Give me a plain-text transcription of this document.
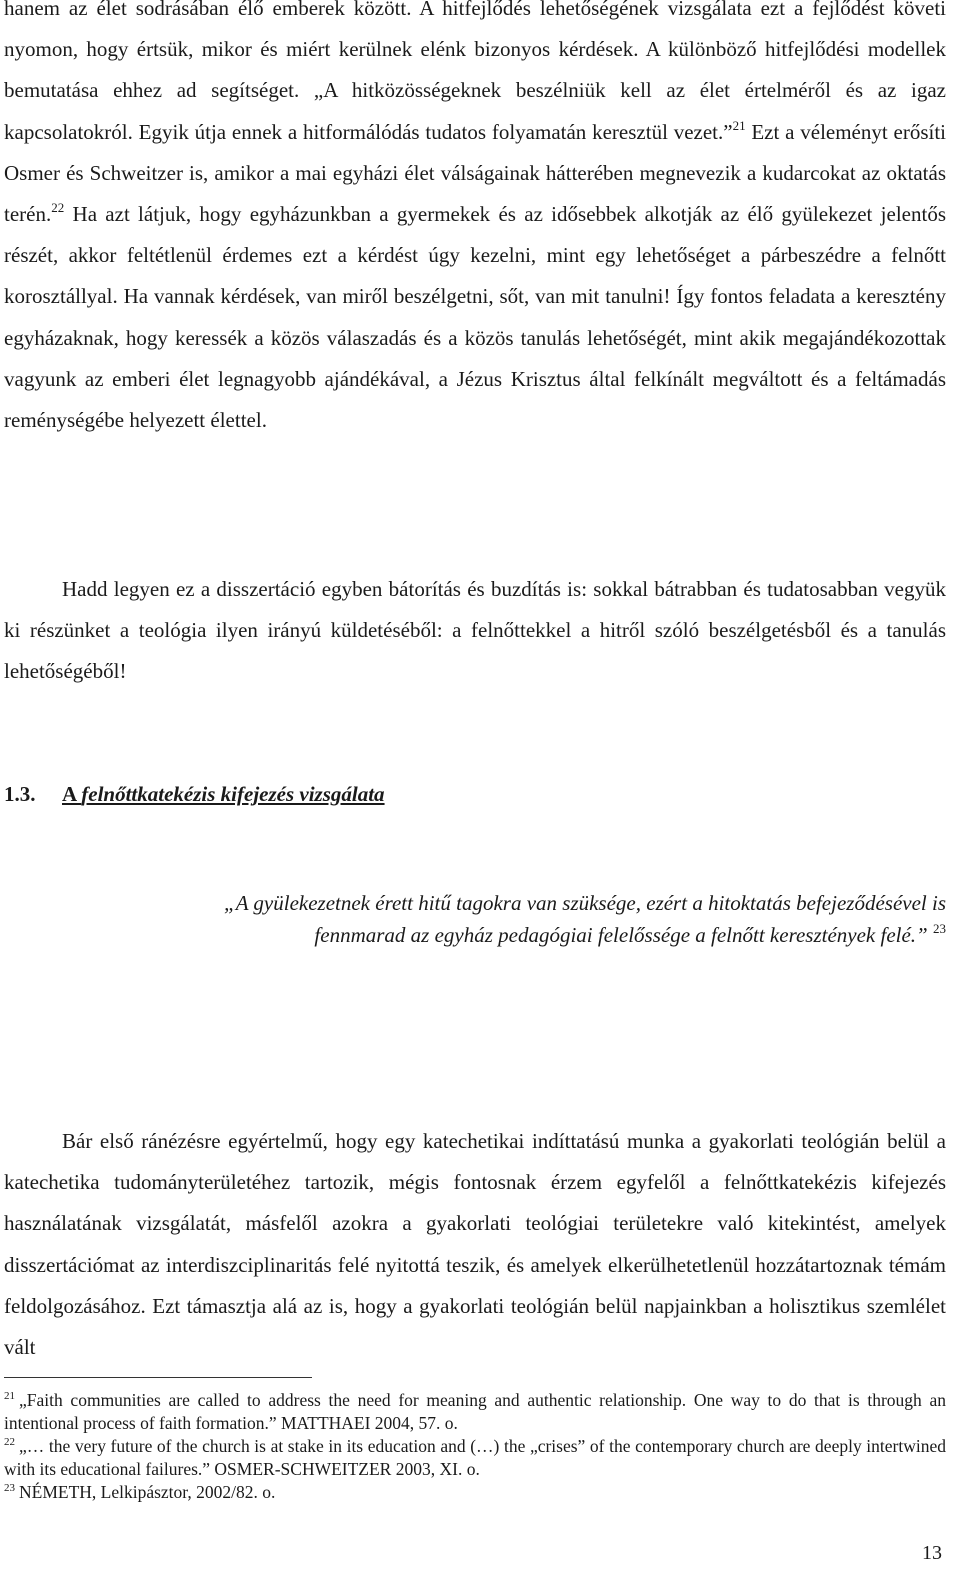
hanem az élet sodrásában élő emberek között. A hitfejlődés lehetőségének vizsgálata ezt a fejlődést követi nyomon, hogy értsük, mikor és miért kerülnek elénk bizonyos kérdések. A különböző hitfejlődési modellek bemutatása ehhez ad segítséget. „A hitközösségeknek beszélniük kell az élet értelméről és az igaz kapcsolatokról. Egyik útja ennek a hitformálódás tudatos folyamatán keresztül vezet.”$^{21}$ Ezt a véleményt erősíti Osmer és Schweitzer is, amikor a mai egyházi élet válságainak hátterében megnevezik a kudarcokat az oktatás terén.$^{22}$ Ha azt látjuk, hogy egyházunkban a gyermekek és az idősebbek alkotják az élő gyülekezet jelentős részét, akkor feltétlenül érdemes ezt a kérdést úgy kezelni, mint egy lehetőséget a párbeszédre a felnőtt korosztállyal. Ha vannak kérdések, van miről beszélgetni, sőt, van mit tanulni! Így fontos feladata a keresztény egyházaknak, hogy keressék a közös válaszadás és a közös tanulás lehetőségét, mint akik megajándékozottak vagyunk az emberi élet legnagyobb ajándékával, a Jézus Krisztus által felkínált megváltott és a feltámadás reménységébe helyezett élettel.

Hadd legyen ez a disszertáció egyben bátorítás és buzdítás is: sokkal bátrabban és tudatosabban vegyük ki részünket a teológia ilyen irányú küldetéséből: a felnőttekkel a hitről szóló beszélgetésből és a tanulás lehetőségéből!

1.3. A felnőttkatekézis kifejezés vizsgálata

„A gyülekezetnek érett hitű tagokra van szüksége, ezért a hitoktatás befejeződésével is fennmarad az egyház pedagógiai felelőssége a felnőtt keresztények felé.” $^{23}$

Bár első ránézésre egyértelmű, hogy egy katechetikai indíttatású munka a gyakorlati teológián belül a katechetika tudományterületéhez tartozik, mégis fontosnak érzem egyfelől a felnőttkatekézis kifejezés használatának vizsgálatát, másfelől azokra a gyakorlati teológiai területekre való kitekintést, amelyek disszertációmat az interdiszciplinaritás felé nyitottá teszik, és amelyek elkerülhetetlenül hozzátartoznak témám feldolgozásához. Ezt támasztja alá az is, hogy a gyakorlati teológián belül napjainkban a holisztikus szemlélet vált

$^{21}$ „Faith communities are called to address the need for meaning and authentic relationship. One way to do that is through an intentional process of faith formation.” MATTHAEI 2004, 57. o.

$^{22}$ „… the very future of the church is at stake in its education and (…) the „crises” of the contemporary church are deeply intertwined with its educational failures.” OSMER-SCHWEITZER 2003, XI. o.

$^{23}$ NÉMETH, Lelkipásztor, 2002/82. o.

13
